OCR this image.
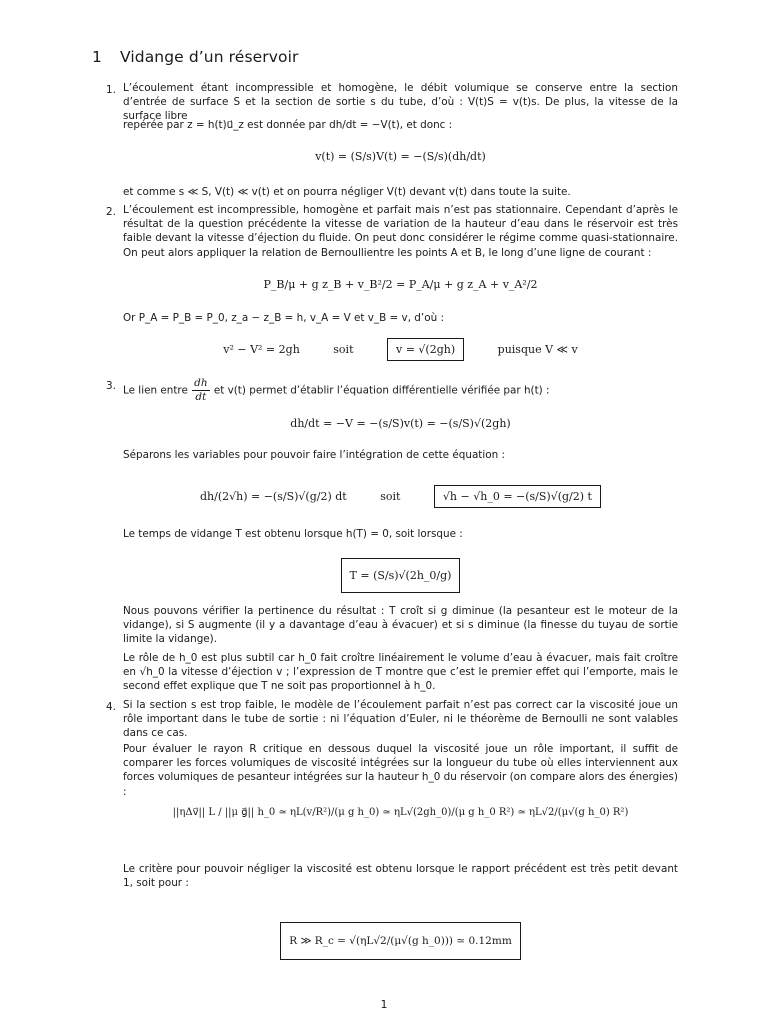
1 Vidange d’un réservoir
1. L’écoulement étant incompressible et homogène, le débit volumique se conserve entre la section d’entrée de surface S et la section de sortie s du tube, d’où : V(t)S = v(t)s. De plus, la vitesse de la surface libre
repérée par z = h(t)u⃗_z est donnée par dh/dt = −V(t), et donc :
v(t) = (S/s)V(t) = −(S/s)(dh/dt)
et comme s ≪ S, V(t) ≪ v(t) et on pourra négliger V(t) devant v(t) dans toute la suite.
2. L’écoulement est incompressible, homogène et parfait mais n’est pas stationnaire. Cependant d’après le résultat de la question précédente la vitesse de variation de la hauteur d’eau dans le réservoir est très faible devant la vitesse d’éjection du fluide. On peut donc considérer le régime comme quasi-stationnaire. On peut alors appliquer la relation de Bernoullientre les points A et B, le long d’une ligne de courant :
P_B/μ + g z_B + v_B²/2 = P_A/μ + g z_A + v_A²/2
Or P_A = P_B = P_0, z_a − z_B = h, v_A = V et v_B = v, d’où :
v² − V² = 2gh	soit	v = √(2gh)	puisque V ≪ v
3. Le lien entre $\frac{dh}{dt}$ et v(t) permet d’établir l’équation différentielle vérifiée par h(t) :
dh/dt = −V = −(s/S)v(t) = −(s/S)√(2gh)
Séparons les variables pour pouvoir faire l’intégration de cette équation :
dh/(2√h) = −(s/S)√(g/2) dt	soit	√h − √h_0 = −(s/S)√(g/2) t
Le temps de vidange T est obtenu lorsque h(T) = 0, soit lorsque :
T = (S/s)√(2h_0/g)
Nous pouvons vérifier la pertinence du résultat : T croît si g diminue (la pesanteur est le moteur de la vidange), si S augmente (il y a davantage d’eau à évacuer) et si s diminue (la finesse du tuyau de sortie limite la vidange).
Le rôle de h_0 est plus subtil car h_0 fait croître linéairement le volume d’eau à évacuer, mais fait croître en √h_0 la vitesse d’éjection v ; l’expression de T montre que c’est le premier effet qui l’emporte, mais le second effet explique que T ne soit pas proportionnel à h_0.
4. Si la section s est trop faible, le modèle de l’écoulement parfait n’est pas correct car la viscosité joue un rôle important dans le tube de sortie : ni l’équation d’Euler, ni le théorème de Bernoulli ne sont valables dans ce cas.
Pour évaluer le rayon R critique en dessous duquel la viscosité joue un rôle important, il suffit de comparer les forces volumiques de viscosité intégrées sur la longueur du tube où elles interviennent aux forces volumiques de pesanteur intégrées sur la hauteur h_0 du réservoir (on compare alors des énergies) :
||ηΔv⃗|| L / ||μ g⃗|| h_0 ≃ ηL(v/R²)/(μ g h_0) ≃ ηL√(2gh_0)/(μ g h_0 R²) ≃ ηL√2/(μ√(g h_0) R²)
Le critère pour pouvoir négliger la viscosité est obtenu lorsque le rapport précédent est très petit devant 1, soit pour :
R ≫ R_c = √(ηL√2/(μ√(g h_0))) ≃ 0.12mm
1
